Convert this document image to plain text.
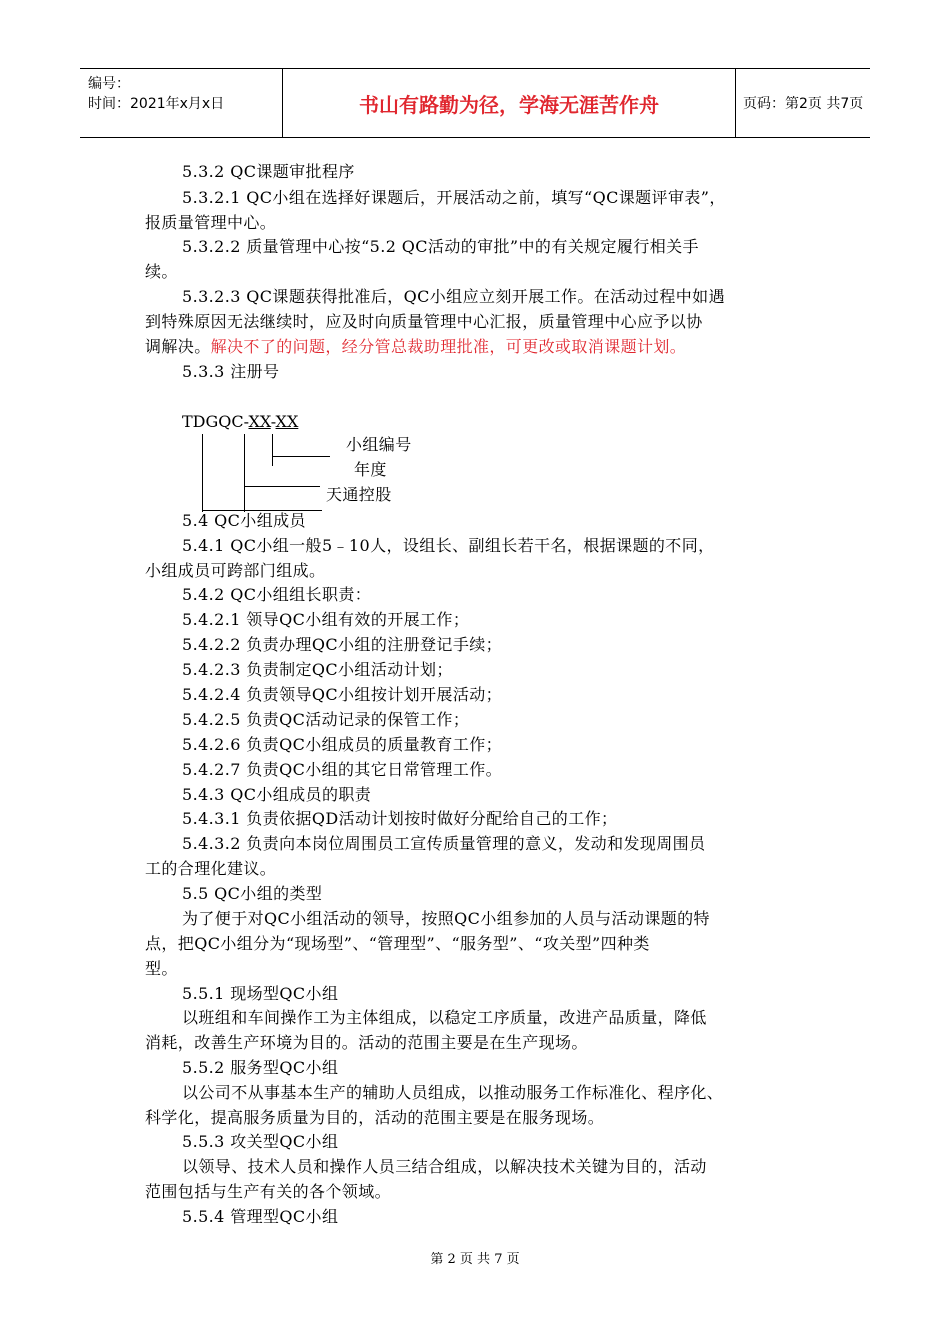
编号：
时间：2021年x月x日	书山有路勤为径，学海无涯苦作舟	页码：第2页 共7页
5.3.2 QC课题审批程序
5.3.2.1 QC小组在选择好课题后，开展活动之前，填写“QC课题评审表”，
报质量管理中心。
5.3.2.2 质量管理中心按“5.2 QC活动的审批”中的有关规定履行相关手
续。
5.3.2.3 QC课题获得批准后，QC小组应立刻开展工作。在活动过程中如遇
到特殊原因无法继续时，应及时向质量管理中心汇报，质量管理中心应予以协
调解决。解决不了的问题，经分管总裁助理批准，可更改或取消课题计划。
5.3.3 注册号
TDGQC-XX-XX
小组编号
年度
天通控股
5.4 QC小组成员
5.4.1 QC小组一般5﹣10人，设组长、副组长若干名，根据课题的不同，
小组成员可跨部门组成。
5.4.2 QC小组组长职责：
5.4.2.1 领导QC小组有效的开展工作；
5.4.2.2 负责办理QC小组的注册登记手续；
5.4.2.3 负责制定QC小组活动计划；
5.4.2.4 负责领导QC小组按计划开展活动；
5.4.2.5 负责QC活动记录的保管工作；
5.4.2.6 负责QC小组成员的质量教育工作；
5.4.2.7 负责QC小组的其它日常管理工作。
5.4.3 QC小组成员的职责
5.4.3.1 负责依据QD活动计划按时做好分配给自己的工作；
5.4.3.2 负责向本岗位周围员工宣传质量管理的意义，发动和发现周围员
工的合理化建议。
5.5 QC小组的类型
为了便于对QC小组活动的领导，按照QC小组参加的人员与活动课题的特
点，把QC小组分为“现场型”、“管理型”、“服务型”、“攻关型”四种类
型。
5.5.1 现场型QC小组
以班组和车间操作工为主体组成，以稳定工序质量，改进产品质量，降低
消耗，改善生产环境为目的。活动的范围主要是在生产现场。
5.5.2 服务型QC小组
以公司不从事基本生产的辅助人员组成，以推动服务工作标准化、程序化、
科学化，提高服务质量为目的，活动的范围主要是在服务现场。
5.5.3 攻关型QC小组
以领导、技术人员和操作人员三结合组成，以解决技术关键为目的，活动
范围包括与生产有关的各个领域。
5.5.4 管理型QC小组
第 2 页 共 7 页
